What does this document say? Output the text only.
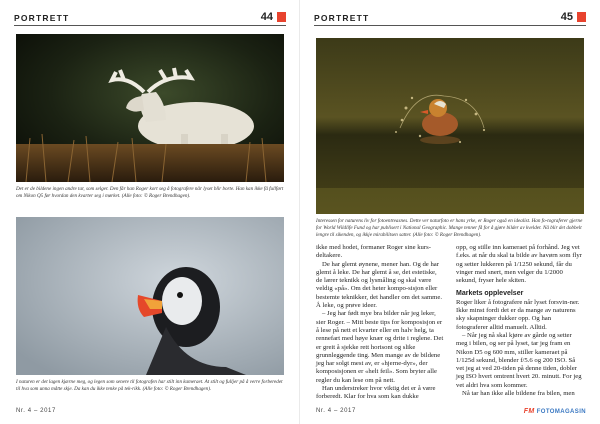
PORTRETT	44

Det er de bildene ingen andre tar, som selger. Den får han Roger kort seg å fotografere når lyset blir borte. Han kan ikke få fullført om Nikon Q5 før hvordan den kvarter seg i mørket. (Alle foto: © Roger Brendhagen).

I naturen er det lagen kjærne meg, og legen som senere til fotografen har stilt inn kameraet. At stilt og fulljer på å verre forberedet til hva som unna måtte skje. Da kan du ikke tenke på tek-rikk. (Alle foto: © Roger Brendhagen).

Nr. 4 – 2017
PORTRETT	45

Interessen for naturens liv for fotoentreasnes. Dette ver naturfoto er hans yrke, er Roger også en idealist. Han fo-tograferer gjerne for World Wildlife Fund og har publisert i National Geographic. Mange tenner få for å gjøre bilder av kvelder. Nå blir det dobbelt lengre til sikenden, og ikkje mirabilitsen satter. (Alle foto: © Roger Brendhagen).

ikke med hodet, formaner Roger sine kurs-deltakere.

De har glemt øynene, mener han. Og de har glemt å leke. De har glemt å se, det estetiske, de lærer teknikk og lysmåling og skal være veldig «på». Om det heter kompo-sisjon eller bestemte teknikker, det handler om det samme. Å leke, og prøve ideer.

– Jeg har født mye bra bilder når jeg leker, sier Roger. – Mitt beste tips for komposisjon er å lese på nett et kvarter eller en halv helg, ta rennefart med høye knær og drite i reglene. Det er greit å sjekke rett horisont og slike grunnleggende ting. Men mange av de bildene jeg har solgt mest av, er «hjerne-dyr», der komposisjonen er «helt feil». Som bryter alle regler du kan lese om på nett.

Han understreker hvor viktig det er å være forberedt. Klar for hva som kan dukke

opp, og stille inn kameraet på forhånd. Jeg vet f.eks. at når du skal ta bilde av havørn som flyr og setter lukkeren på 1/1250 sekund, får du vinger med snert, men velger du 1/2000 sekund, fryser hele skiten.

Markets opplevelser

Roger liker å fotografere når lyset forsvin-ner. Ikke minst fordi det er da mange av naturens sky skapninger dukker opp. Og han fotograferer alltid manuelt. Alltid.

– Når jeg nå skal kjøre av gårde og setter meg i bilen, og ser på lyset, tar jeg fram en Nikon D5 og 600 mm, stiller kameraet på 1/125d sekund, blender f/5.6 og 200 ISO. Så vet jeg at ved 20-tiden på denne tiden, dobler jeg ISO hvert omtrent hvert 20. minutt. For jeg vet aldri hva som kommer.

Nå tar han ikke alle bildene fra bilen, men

Nr. 4 – 2017	FM FOTOMAGASIN
